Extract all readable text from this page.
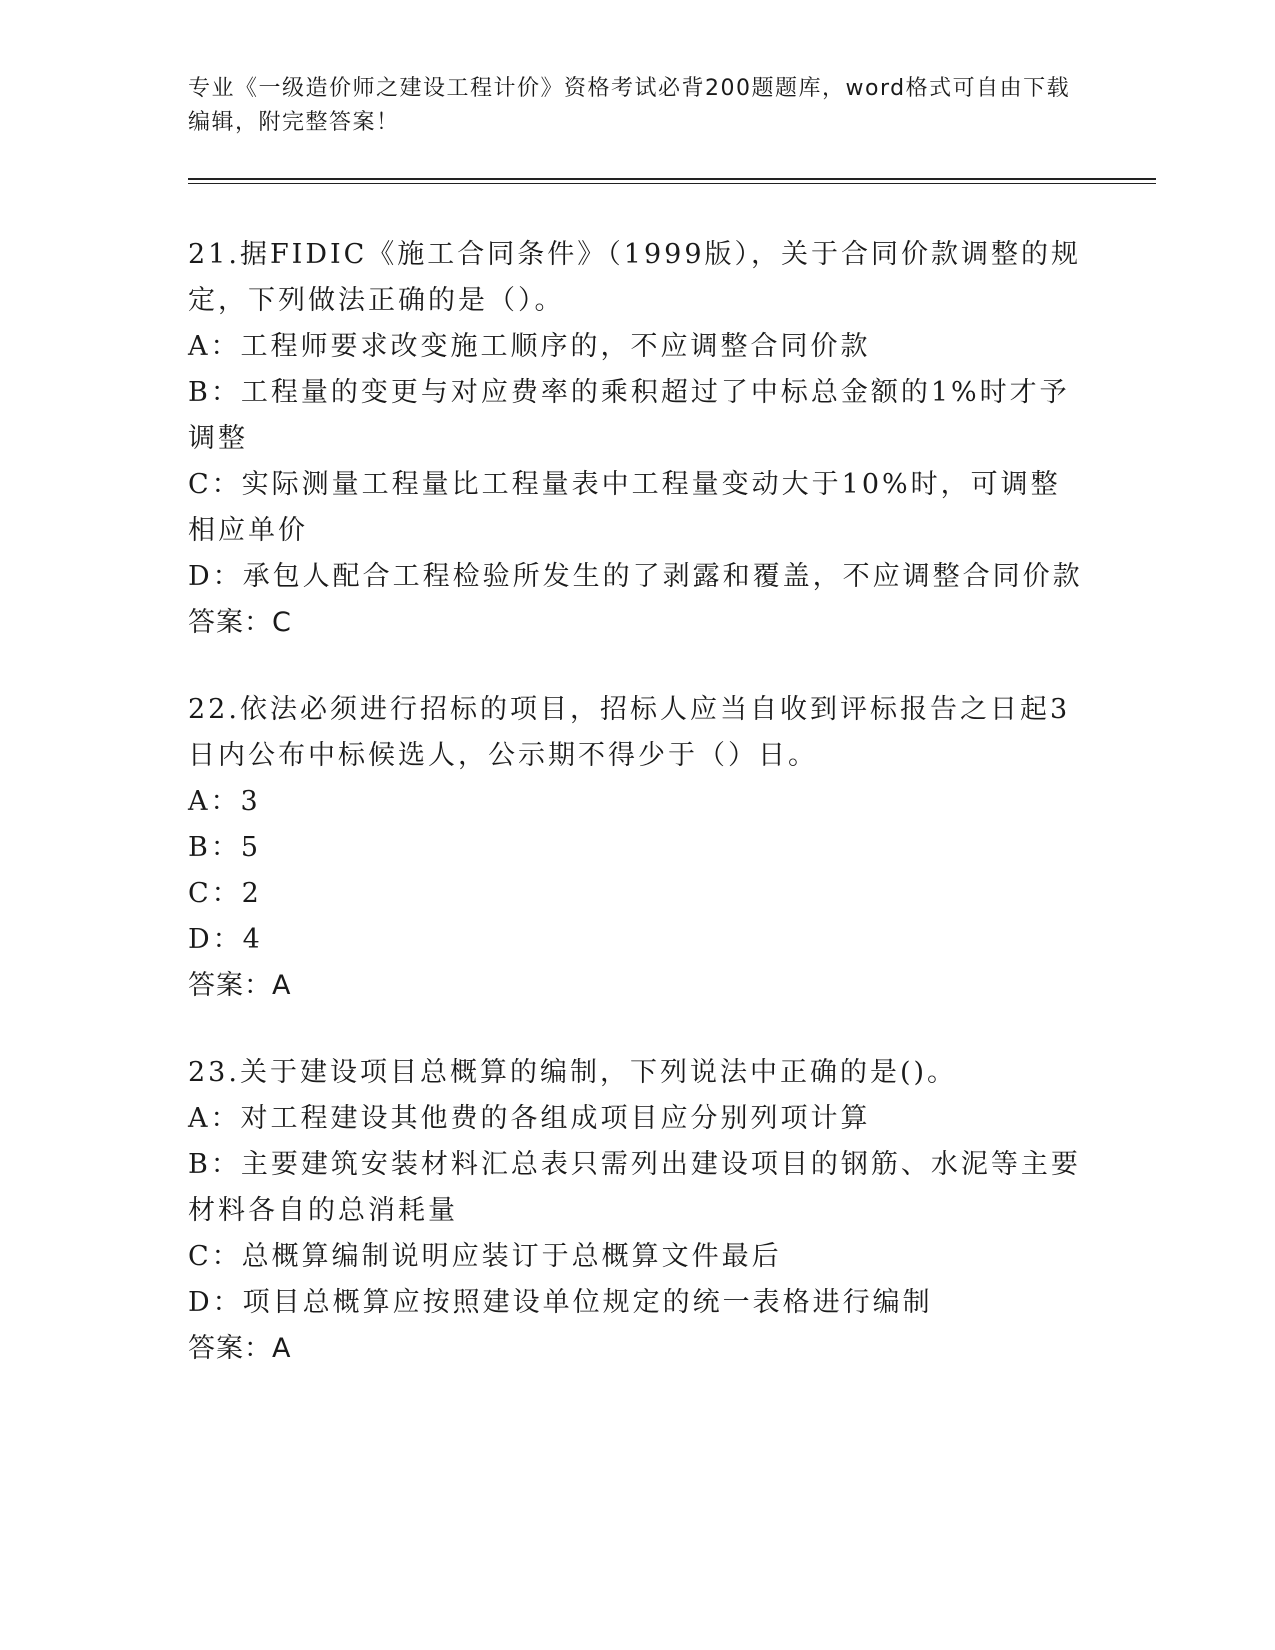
专业《一级造价师之建设工程计价》资格考试必背200题题库，word格式可自由下载编辑，附完整答案！

21.据FIDIC《施工合同条件》（1999版），关于合同价款调整的规定，下列做法正确的是（）。

A：工程师要求改变施工顺序的，不应调整合同价款

B：工程量的变更与对应费率的乘积超过了中标总金额的1%时才予调整

C：实际测量工程量比工程量表中工程量变动大于10%时，可调整相应单价

D：承包人配合工程检验所发生的了剥露和覆盖，不应调整合同价款

答案：C

22.依法必须进行招标的项目，招标人应当自收到评标报告之日起3日内公布中标候选人，公示期不得少于（）日。

A：3

B：5

C：2

D：4

答案：A

23.关于建设项目总概算的编制，下列说法中正确的是()。

A：对工程建设其他费的各组成项目应分别列项计算

B：主要建筑安装材料汇总表只需列出建设项目的钢筋、水泥等主要材料各自的总消耗量

C：总概算编制说明应装订于总概算文件最后

D：项目总概算应按照建设单位规定的统一表格进行编制

答案：A
